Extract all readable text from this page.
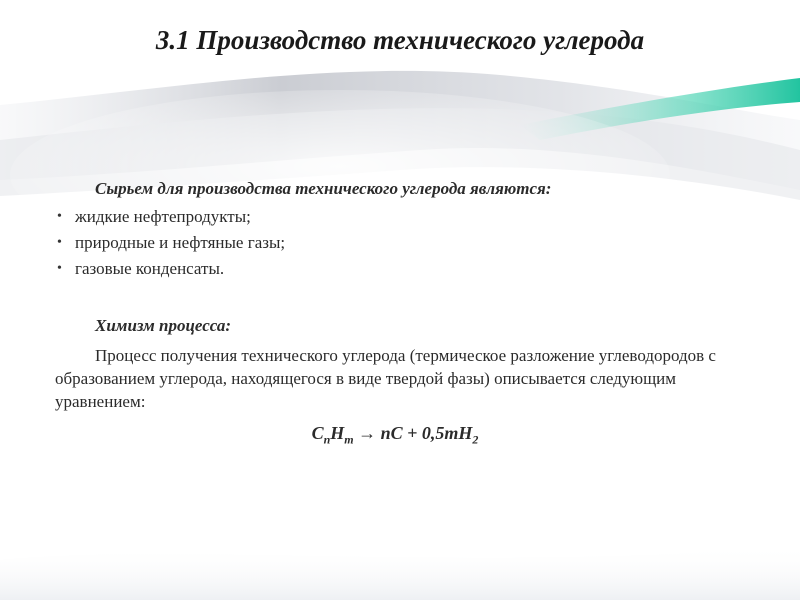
3.1 Производство технического углерода

Сырьем для производства технического углерода являются:

• жидкие нефтепродукты;
• природные и нефтяные газы;
• газовые конденсаты.

Химизм процесса:

Процесс получения технического углерода (термическое разложение углеводородов с образованием углерода, находящегося в виде твердой фазы) описывается следующим уравнением:

$C_nH_m$ → nC + $0,5mH_2$
